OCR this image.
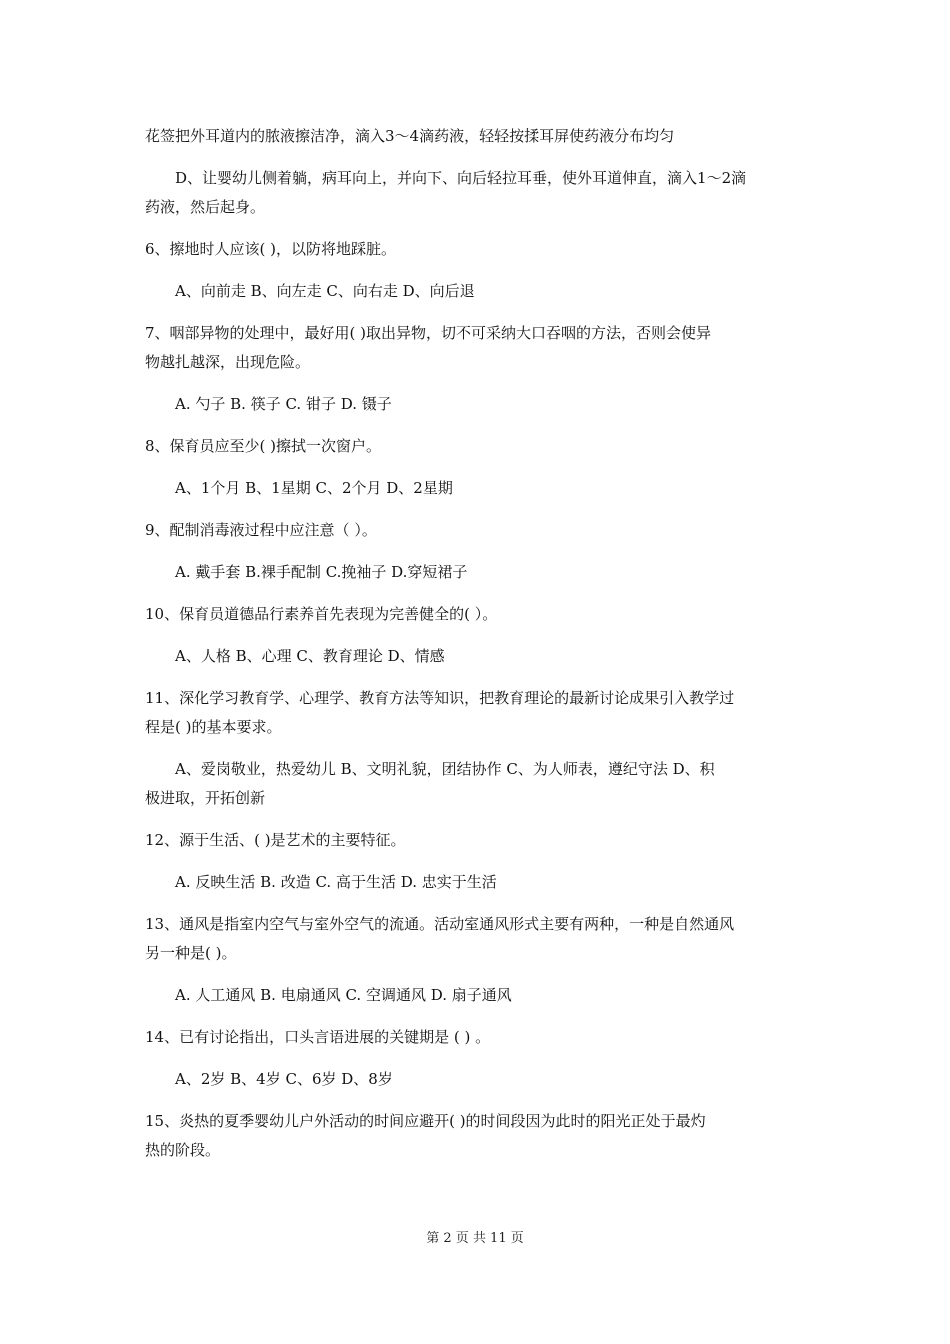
花签把外耳道内的脓液擦洁净，滴入3～4滴药液，轻轻按揉耳屏使药液分布均匀
D、让婴幼儿侧着躺，病耳向上，并向下、向后轻拉耳垂，使外耳道伸直，滴入1～2滴
药液，然后起身。
6、擦地时人应该( )，以防将地踩脏。
A、向前走 B、向左走 C、向右走 D、向后退
7、咽部异物的处理中，最好用( )取出异物，切不可采纳大口吞咽的方法，否则会使异
物越扎越深，出现危险。
A. 勺子 B. 筷子 C. 钳子 D. 镊子
8、保育员应至少( )擦拭一次窗户。
A、1个月 B、1星期 C、2个月 D、2星期
9、配制消毒液过程中应注意（ ）。
A. 戴手套 B.裸手配制 C.挽袖子 D.穿短裙子
10、保育员道德品行素养首先表现为完善健全的( ）。
A、人格 B、心理 C、教育理论 D、情感
11、深化学习教育学、心理学、教育方法等知识，把教育理论的最新讨论成果引入教学过
程是( )的基本要求。
A、爱岗敬业，热爱幼儿 B、文明礼貌，团结协作 C、为人师表，遵纪守法 D、积
极进取，开拓创新
12、源于生活、( )是艺术的主要特征。
A. 反映生活 B. 改造 C. 高于生活 D. 忠实于生活
13、通风是指室内空气与室外空气的流通。活动室通风形式主要有两种，一种是自然通风
另一种是( )。
A. 人工通风 B. 电扇通风 C. 空调通风 D. 扇子通风
14、已有讨论指出，口头言语进展的关键期是 ( ) 。
A、2岁 B、4岁 C、6岁 D、8岁
15、炎热的夏季婴幼儿户外活动的时间应避开( )的时间段因为此时的阳光正处于最灼
热的阶段。
第 2 页 共 11 页
